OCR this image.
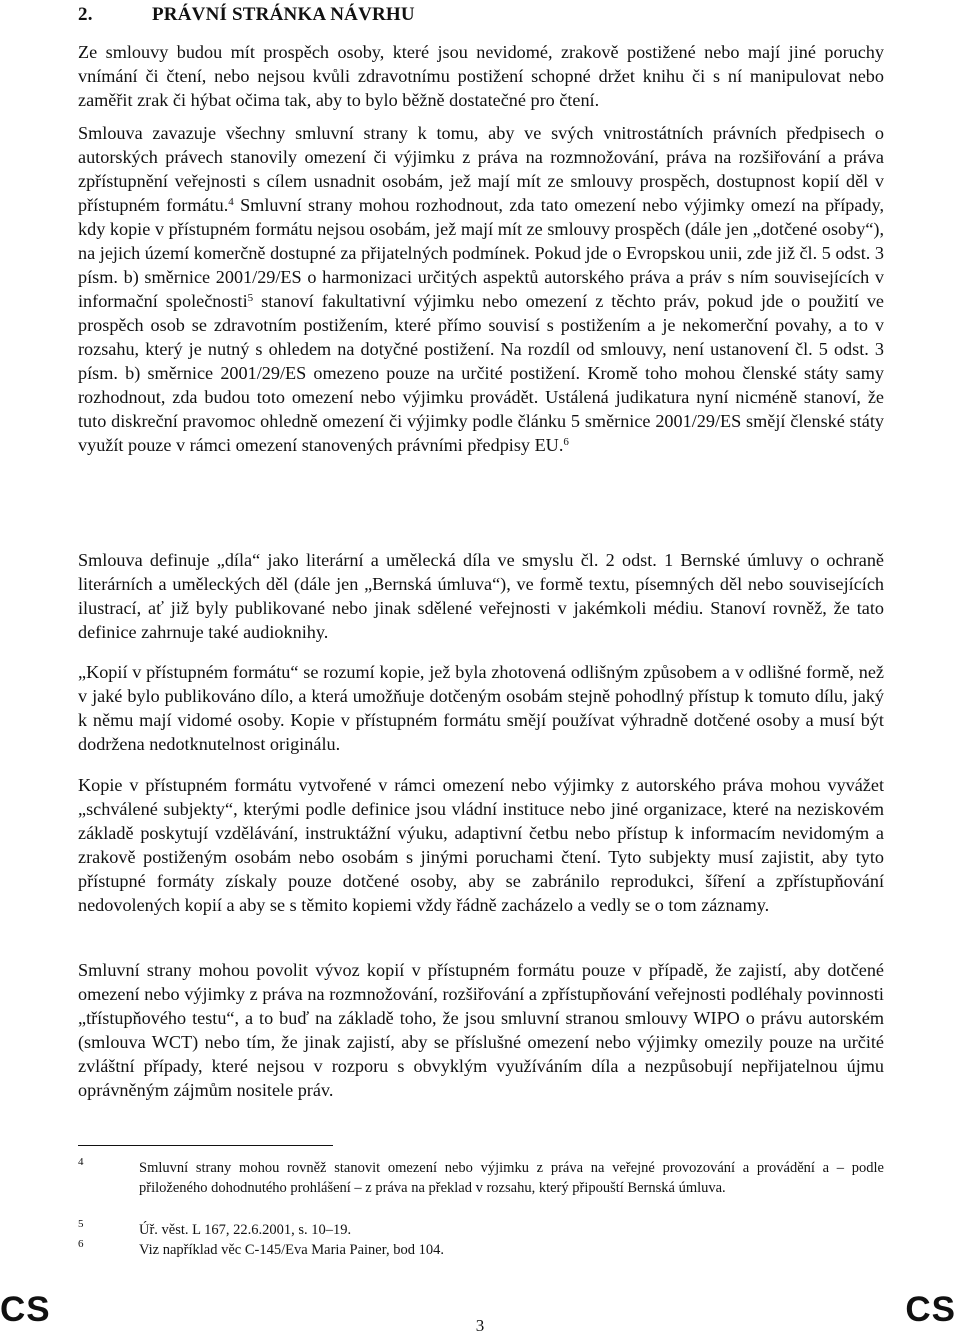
2.	PRÁVNÍ STRÁNKA NÁVRHU

Ze smlouvy budou mít prospěch osoby, které jsou nevidomé, zrakově postižené nebo mají jiné poruchy vnímání či čtení, nebo nejsou kvůli zdravotnímu postižení schopné držet knihu či s ní manipulovat nebo zaměřit zrak či hýbat očima tak, aby to bylo běžně dostatečné pro čtení.

Smlouva zavazuje všechny smluvní strany k tomu, aby ve svých vnitrostátních právních předpisech o autorských právech stanovily omezení či výjimku z práva na rozmnožování, práva na rozšiřování a práva zpřístupnění veřejnosti s cílem usnadnit osobám, jež mají mít ze smlouvy prospěch, dostupnost kopií děl v přístupném formátu.$^4$ Smluvní strany mohou rozhodnout, zda tato omezení nebo výjimky omezí na případy, kdy kopie v přístupném formátu nejsou osobám, jež mají mít ze smlouvy prospěch (dále jen „dotčené osoby“), na jejich území komerčně dostupné za přijatelných podmínek. Pokud jde o Evropskou unii, zde již čl. 5 odst. 3 písm. b) směrnice 2001/29/ES o harmonizaci určitých aspektů autorského práva a práv s ním souvisejících v informační společnosti$^5$ stanoví fakultativní výjimku nebo omezení z těchto práv, pokud jde o použití ve prospěch osob se zdravotním postižením, které přímo souvisí s postižením a je nekomerční povahy, a to v rozsahu, který je nutný s ohledem na dotyčné postižení. Na rozdíl od smlouvy, není ustanovení čl. 5 odst. 3 písm. b) směrnice 2001/29/ES omezeno pouze na určité postižení. Kromě toho mohou členské státy samy rozhodnout, zda budou toto omezení nebo výjimku provádět. Ustálená judikatura nyní nicméně stanoví, že tuto diskreční pravomoc ohledně omezení či výjimky podle článku 5 směrnice 2001/29/ES smějí členské státy využít pouze v rámci omezení stanovených právními předpisy EU.$^6$

Smlouva definuje „díla“ jako literární a umělecká díla ve smyslu čl. 2 odst. 1 Bernské úmluvy o ochraně literárních a uměleckých děl (dále jen „Bernská úmluva“), ve formě textu, písemných děl nebo souvisejících ilustrací, ať již byly publikované nebo jinak sdělené veřejnosti v jakémkoli médiu. Stanoví rovněž, že tato definice zahrnuje také audioknihy.

„Kopií v přístupném formátu“ se rozumí kopie, jež byla zhotovená odlišným způsobem a v odlišné formě, než v jaké bylo publikováno dílo, a která umožňuje dotčeným osobám stejně pohodlný přístup k tomuto dílu, jaký k němu mají vidomé osoby. Kopie v přístupném formátu smějí používat výhradně dotčené osoby a musí být dodržena nedotknutelnost originálu.

Kopie v přístupném formátu vytvořené v rámci omezení nebo výjimky z autorského práva mohou vyvážet „schválené subjekty“, kterými podle definice jsou vládní instituce nebo jiné organizace, které na neziskovém základě poskytují vzdělávání, instruktážní výuku, adaptivní četbu nebo přístup k informacím nevidomým a zrakově postiženým osobám nebo osobám s jinými poruchami čtení. Tyto subjekty musí zajistit, aby tyto přístupné formáty získaly pouze dotčené osoby, aby se zabránilo reprodukci, šíření a zpřístupňování nedovolených kopií a aby se s těmito kopiemi vždy řádně zacházelo a vedly se o tom záznamy.

Smluvní strany mohou povolit vývoz kopií v přístupném formátu pouze v případě, že zajistí, aby dotčené omezení nebo výjimky z práva na rozmnožování, rozšiřování a zpřístupňování veřejnosti podléhaly povinnosti „třístupňového testu“, a to buď na základě toho, že jsou smluvní stranou smlouvy WIPO o právu autorském (smlouva WCT) nebo tím, že jinak zajistí, aby se příslušné omezení nebo výjimky omezily pouze na určité zvláštní případy, které nejsou v rozporu s obvyklým využíváním díla a nezpůsobují nepřijatelnou újmu oprávněným zájmům nositele práv.

4	Smluvní strany mohou rovněž stanovit omezení nebo výjimku z práva na veřejné provozování a provádění a – podle přiloženého dohodnutého prohlášení – z práva na překlad v rozsahu, který připouští Bernská úmluva.
5	Úř. věst. L 167, 22.6.2001, s. 10–19.
6	Viz například věc C-145/Eva Maria Painer, bod 104.
CS	3	CS
